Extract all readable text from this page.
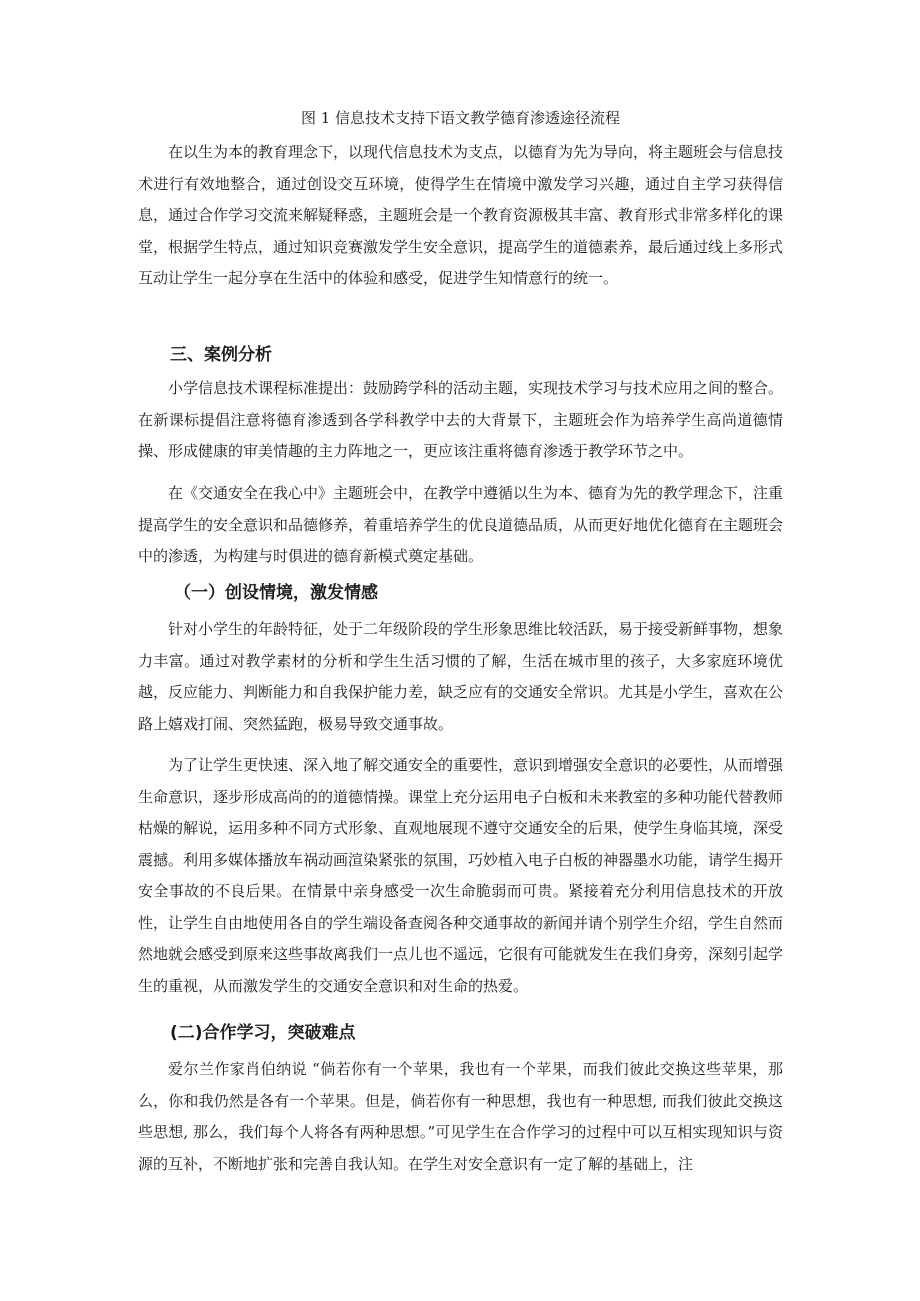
图 1 信息技术支持下语文教学德育渗透途径流程

在以生为本的教育理念下，以现代信息技术为支点，以德育为先为导向，将主题班会与信息技术进行有效地整合，通过创设交互环境，使得学生在情境中激发学习兴趣，通过自主学习获得信息，通过合作学习交流来解疑释惑，主题班会是一个教育资源极其丰富、教育形式非常多样化的课堂，根据学生特点，通过知识竞赛激发学生安全意识，提高学生的道德素养，最后通过线上多形式互动让学生一起分享在生活中的体验和感受，促进学生知情意行的统一。

三、案例分析

小学信息技术课程标准提出：鼓励跨学科的活动主题，实现技术学习与技术应用之间的整合。在新课标提倡注意将德育渗透到各学科教学中去的大背景下，主题班会作为培养学生高尚道德情操、形成健康的审美情趣的主力阵地之一，更应该注重将德育渗透于教学环节之中。

在《交通安全在我心中》主题班会中，在教学中遵循以生为本、德育为先的教学理念下，注重提高学生的安全意识和品德修养，着重培养学生的优良道德品质，从而更好地优化德育在主题班会中的渗透，为构建与时俱进的德育新模式奠定基础。

（一）创设情境，激发情感

针对小学生的年龄特征，处于二年级阶段的学生形象思维比较活跃，易于接受新鲜事物，想象力丰富。通过对教学素材的分析和学生生活习惯的了解，生活在城市里的孩子，大多家庭环境优越，反应能力、判断能力和自我保护能力差，缺乏应有的交通安全常识。尤其是小学生，喜欢在公路上嬉戏打闹、突然猛跑，极易导致交通事故。

为了让学生更快速、深入地了解交通安全的重要性，意识到增强安全意识的必要性，从而增强生命意识，逐步形成高尚的的道德情操。课堂上充分运用电子白板和未来教室的多种功能代替教师枯燥的解说，运用多种不同方式形象、直观地展现不遵守交通安全的后果，使学生身临其境，深受震撼。利用多媒体播放车祸动画渲染紧张的氛围，巧妙植入电子白板的神器墨水功能，请学生揭开安全事故的不良后果。在情景中亲身感受一次生命脆弱而可贵。紧接着充分利用信息技术的开放性，让学生自由地使用各自的学生端设备查阅各种交通事故的新闻并请个别学生介绍，学生自然而然地就会感受到原来这些事故离我们一点儿也不遥远，它很有可能就发生在我们身旁，深刻引起学生的重视，从而激发学生的交通安全意识和对生命的热爱。

(二)合作学习，突破难点

爱尔兰作家肖伯纳说 “倘若你有一个苹果，我也有一个苹果，而我们彼此交换这些苹果，那么，你和我仍然是各有一个苹果。但是，倘若你有一种思想，我也有一种思想, 而我们彼此交换这些思想, 那么，我们每个人将各有两种思想。”可见学生在合作学习的过程中可以互相实现知识与资源的互补，不断地扩张和完善自我认知。在学生对安全意识有一定了解的基础上，注
